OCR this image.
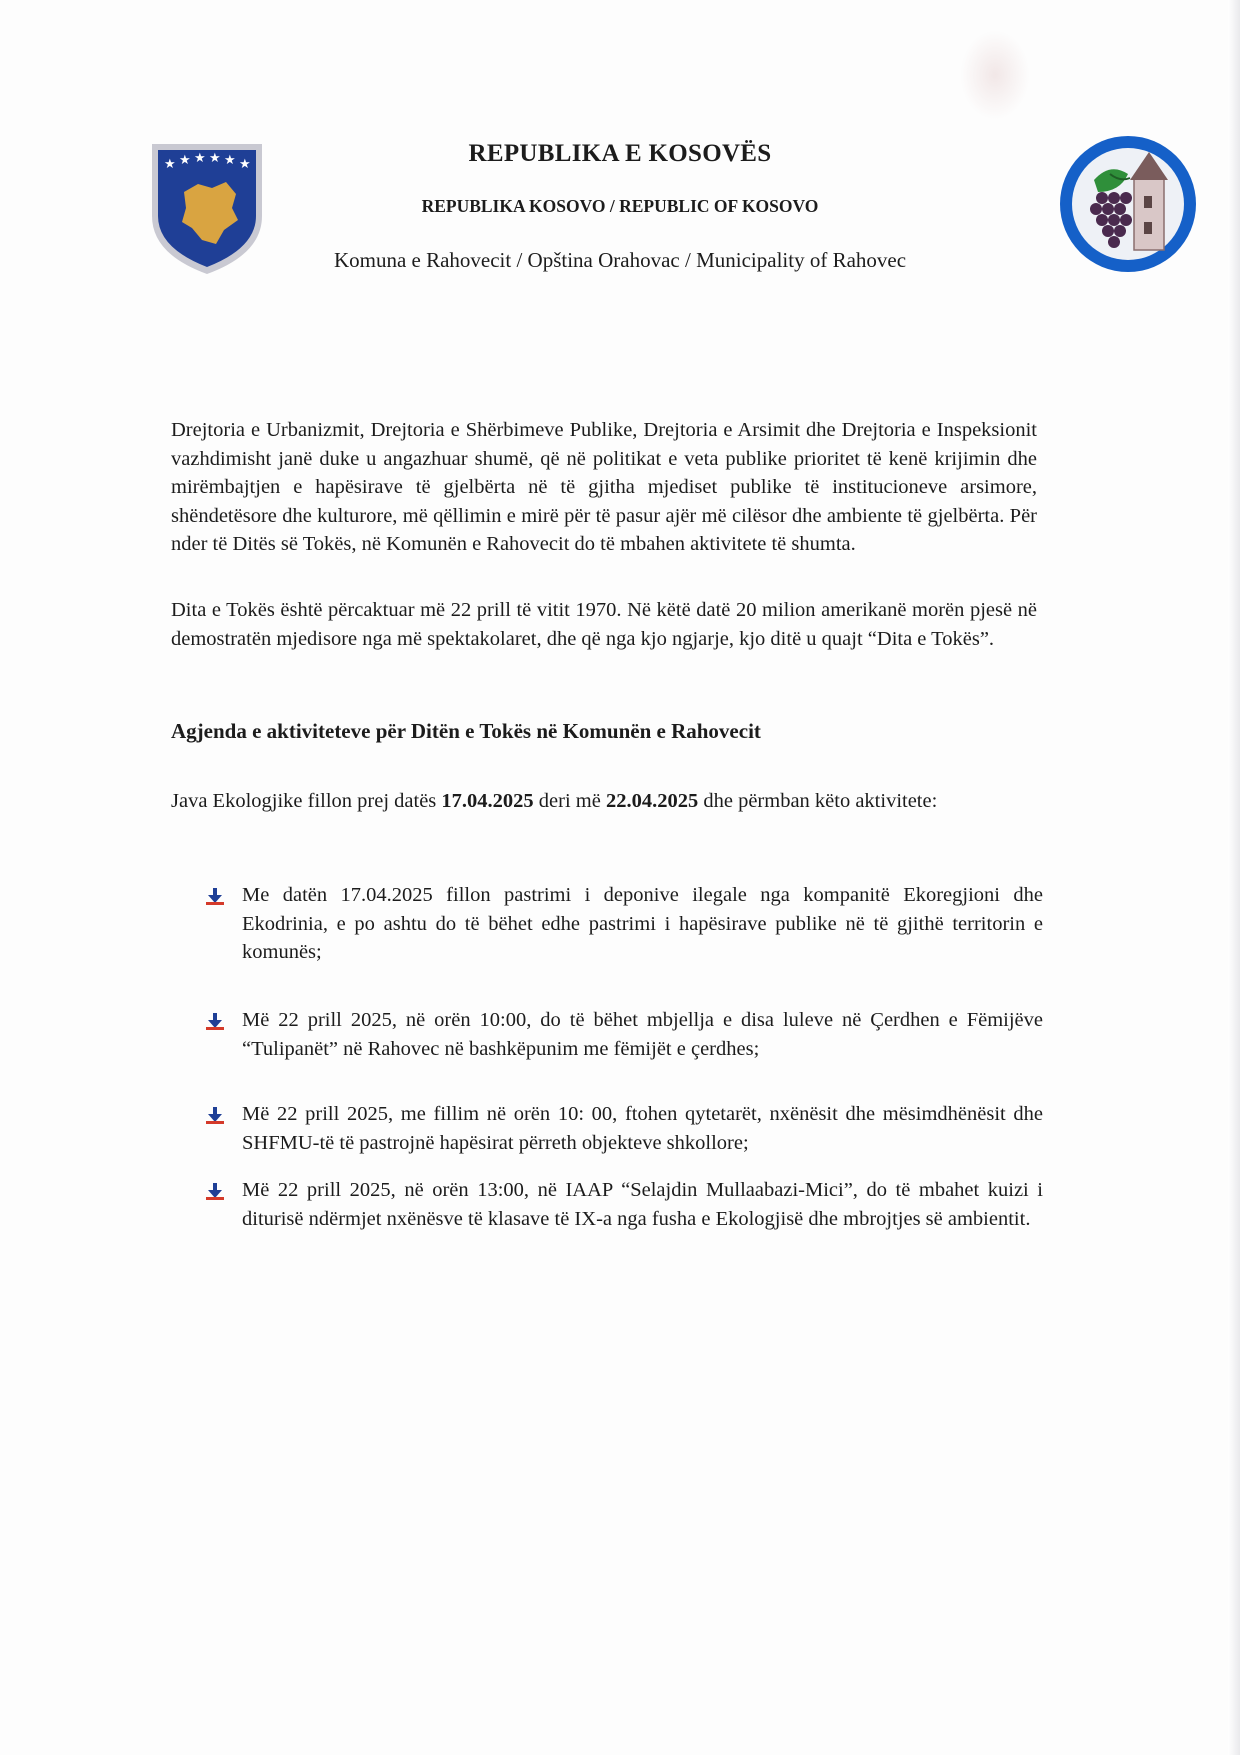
★ ★ ★ ★ ★ ★	REPUBLIKA E KOSOVËS
REPUBLIKA KOSOVO / REPUBLIC OF KOSOVO
Komuna e Rahovecit / Opština Orahovac / Municipality of Rahovec
Drejtoria e Urbanizmit, Drejtoria e Shërbimeve Publike, Drejtoria e Arsimit dhe Drejtoria e Inspeksionit vazhdimisht janë duke u angazhuar shumë, që në politikat e veta publike prioritet të kenë krijimin dhe mirëmbajtjen e hapësirave të gjelbërta në të gjitha mjediset publike të institucioneve arsimore, shëndetësore dhe kulturore, më qëllimin e mirë për të pasur ajër më cilësor dhe ambiente të gjelbërta. Për nder të Ditës së Tokës, në Komunën e Rahovecit do të mbahen aktivitete të shumta.
Dita e Tokës është përcaktuar më 22 prill të vitit 1970. Në këtë datë 20 milion amerikanë morën pjesë në demostratën mjedisore nga më spektakolaret, dhe që nga kjo ngjarje, kjo ditë u quajt “Dita e Tokës”.
Agjenda e aktiviteteve për Ditën e Tokës në Komunën e Rahovecit
Java Ekologjike fillon prej datës 17.04.2025 deri më 22.04.2025 dhe përmban këto aktivitete:
Me datën 17.04.2025 fillon pastrimi i deponive ilegale nga kompanitë Ekoregjioni dhe Ekodrinia, e po ashtu do të bëhet edhe pastrimi i hapësirave publike në të gjithë territorin e komunës;
Më 22 prill 2025, në orën 10:00, do të bëhet mbjellja e disa luleve në Çerdhen e Fëmijëve “Tulipanët” në Rahovec në bashkëpunim me fëmijët e çerdhes;
Më 22 prill 2025, me fillim në orën 10: 00, ftohen qytetarët, nxënësit dhe mësimdhënësit dhe SHFMU-të të pastrojnë hapësirat përreth objekteve shkollore;
Më 22 prill 2025, në orën 13:00, në IAAP “Selajdin Mullaabazi-Mici”, do të mbahet kuizi i diturisë ndërmjet nxënësve të klasave të IX-a nga fusha e Ekologjisë dhe mbrojtjes së ambientit.
